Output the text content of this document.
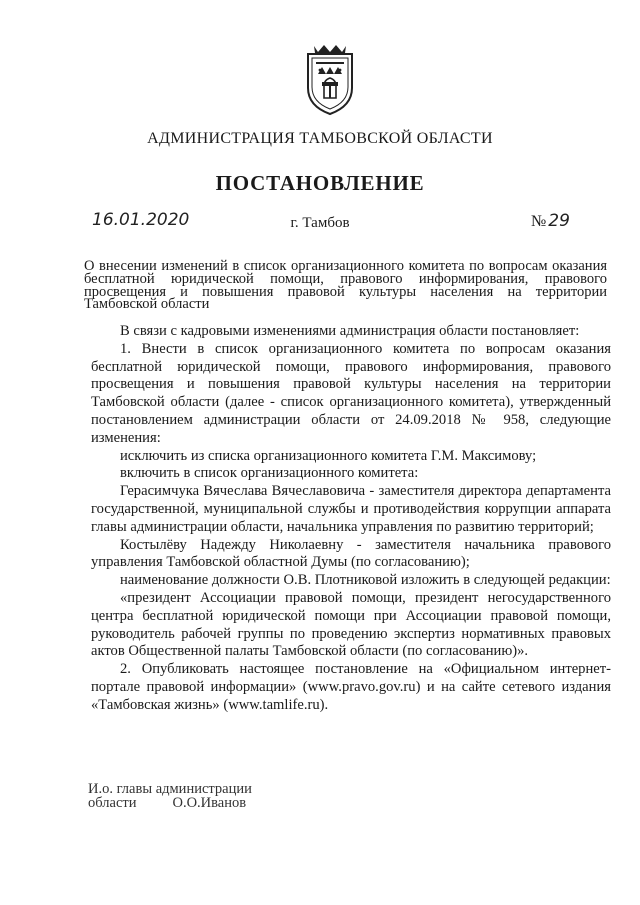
АДМИНИСТРАЦИЯ ТАМБОВСКОЙ ОБЛАСТИ
ПОСТАНОВЛЕНИЕ
16.01.2020	г. Тамбов	№ 29
О внесении изменений в список организационного комитета по вопросам оказания бесплатной юридической помощи, правового информирования, правового просвещения и повышения правовой культуры населения на территории Тамбовской области

В связи с кадровыми изменениями администрация области постановляет:

1. Внести в список организационного комитета по вопросам оказания бесплатной юридической помощи, правового информирования, правового просвещения и повышения правовой культуры населения на территории Тамбовской области (далее - список организационного комитета), утвержденный постановлением администрации области от 24.09.2018 № 958, следующие изменения:

исключить из списка организационного комитета Г.М. Максимову;

включить в список организационного комитета:

Герасимчука Вячеслава Вячеславовича - заместителя директора департамента государственной, муниципальной службы и противодействия коррупции аппарата главы администрации области, начальника управления по развитию территорий;

Костылёву Надежду Николаевну - заместителя начальника правового управления Тамбовской областной Думы (по согласованию);

наименование должности О.В. Плотниковой изложить в следующей редакции:

«президент Ассоциации правовой помощи, президент негосударственного центра бесплатной юридической помощи при Ассоциации правовой помощи, руководитель рабочей группы по проведению экспертиз нормативных правовых актов Общественной палаты Тамбовской области (по согласованию)».

2. Опубликовать настоящее постановление на «Официальном интернет-портале правовой информации» (www.pravo.gov.ru) и на сайте сетевого издания «Тамбовская жизнь» (www.tamlife.ru).

И.о. главы администрации
области О.О.Иванов
